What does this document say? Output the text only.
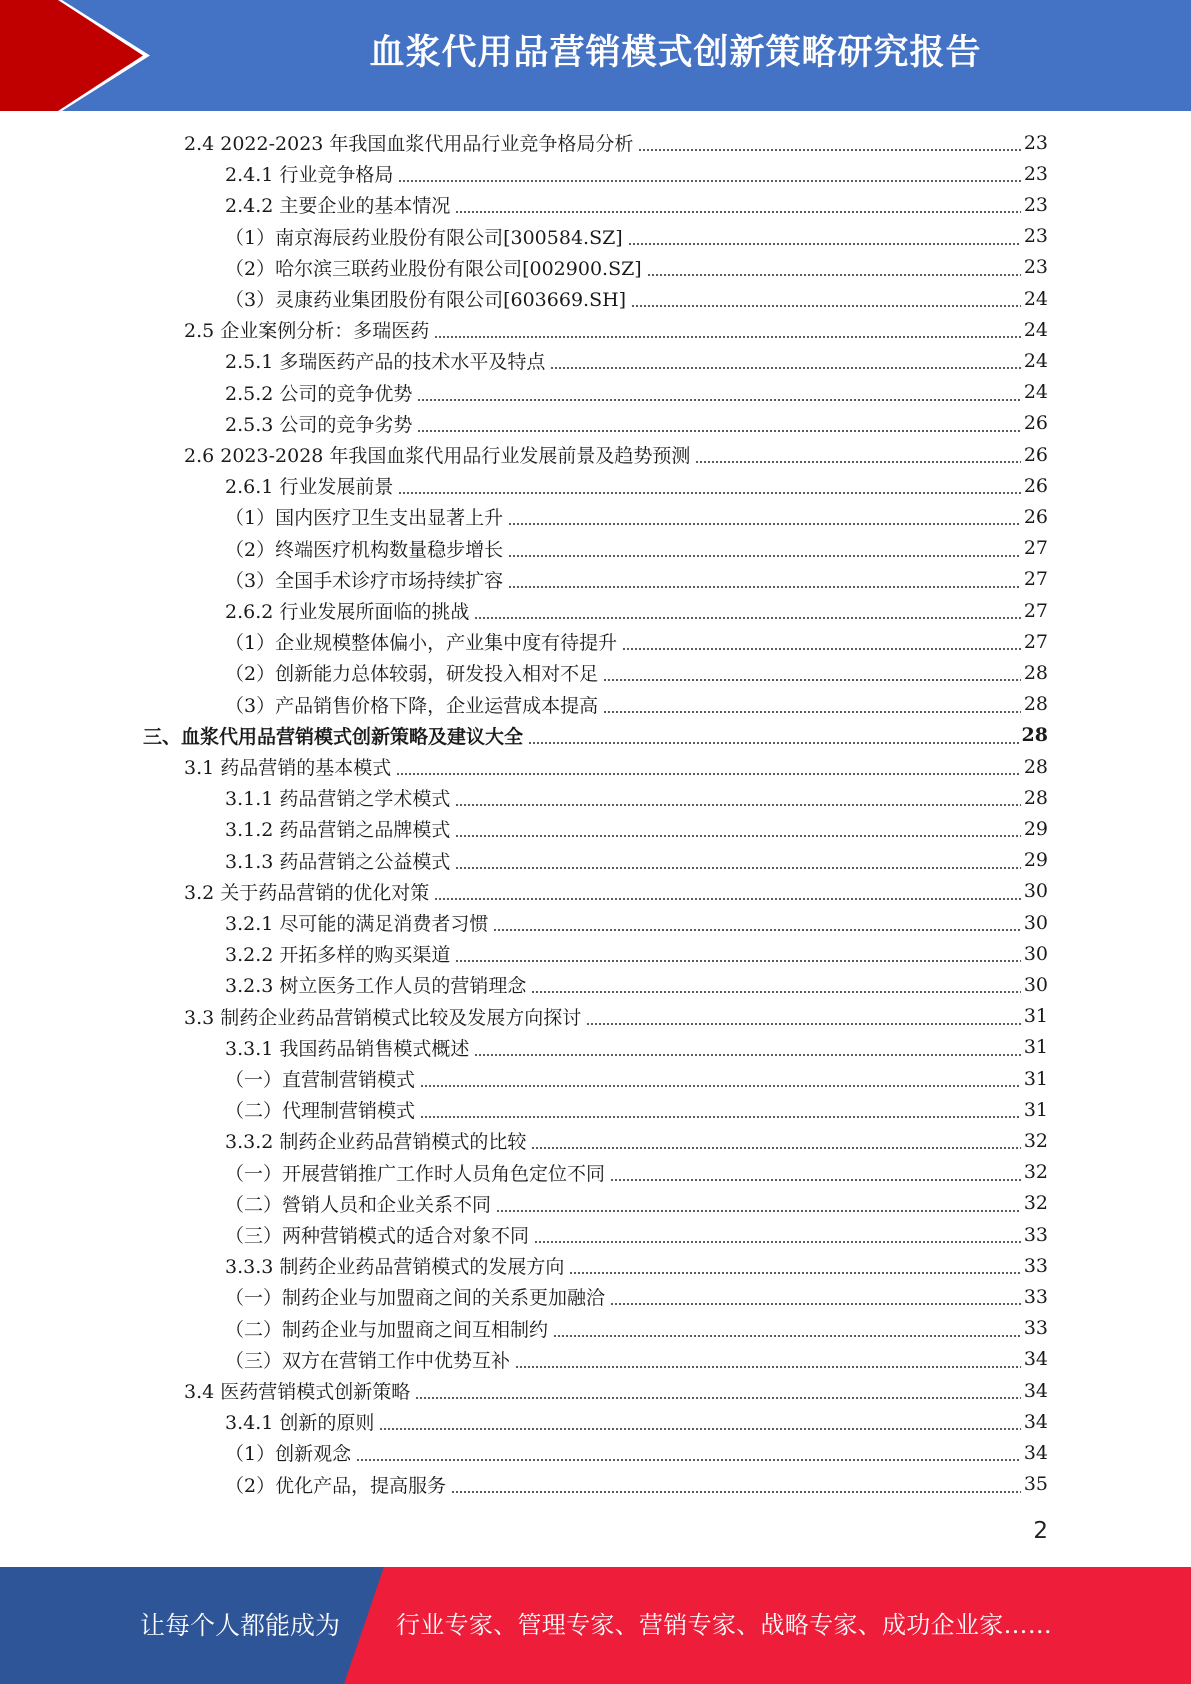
血浆代用品营销模式创新策略研究报告
2.4 2022-2023 年我国血浆代用品行业竞争格局分析	23
2.4.1 行业竞争格局	23
2.4.2 主要企业的基本情况	23
（1）南京海辰药业股份有限公司[300584.SZ]	23
（2）哈尔滨三联药业股份有限公司[002900.SZ]	23
（3）灵康药业集团股份有限公司[603669.SH]	24
2.5 企业案例分析：多瑞医药	24
2.5.1 多瑞医药产品的技术水平及特点	24
2.5.2 公司的竞争优势	24
2.5.3 公司的竞争劣势	26
2.6 2023-2028 年我国血浆代用品行业发展前景及趋势预测	26
2.6.1 行业发展前景	26
（1）国内医疗卫生支出显著上升	26
（2）终端医疗机构数量稳步增长	27
（3）全国手术诊疗市场持续扩容	27
2.6.2 行业发展所面临的挑战	27
（1）企业规模整体偏小，产业集中度有待提升	27
（2）创新能力总体较弱，研发投入相对不足	28
（3）产品销售价格下降，企业运营成本提高	28
三、血浆代用品营销模式创新策略及建议大全	28
3.1 药品营销的基本模式	28
3.1.1 药品营销之学术模式	28
3.1.2 药品营销之品牌模式	29
3.1.3 药品营销之公益模式	29
3.2 关于药品营销的优化对策	30
3.2.1 尽可能的满足消费者习惯	30
3.2.2 开拓多样的购买渠道	30
3.2.3 树立医务工作人员的营销理念	30
3.3 制药企业药品营销模式比较及发展方向探讨	31
3.3.1 我国药品销售模式概述	31
（一）直营制营销模式	31
（二）代理制营销模式	31
3.3.2 制药企业药品营销模式的比较	32
（一）开展营销推广工作时人员角色定位不同	32
（二）營销人员和企业关系不同	32
（三）两种营销模式的适合对象不同	33
3.3.3 制药企业药品营销模式的发展方向	33
（一）制药企业与加盟商之间的关系更加融洽	33
（二）制药企业与加盟商之间互相制约	33
（三）双方在营销工作中优势互补	34
3.4 医药营销模式创新策略	34
3.4.1 创新的原则	34
（1）创新观念	34
（2）优化产品，提高服务	35
2
让每个人都能成为 行业专家、管理专家、营销专家、战略专家、成功企业家……
